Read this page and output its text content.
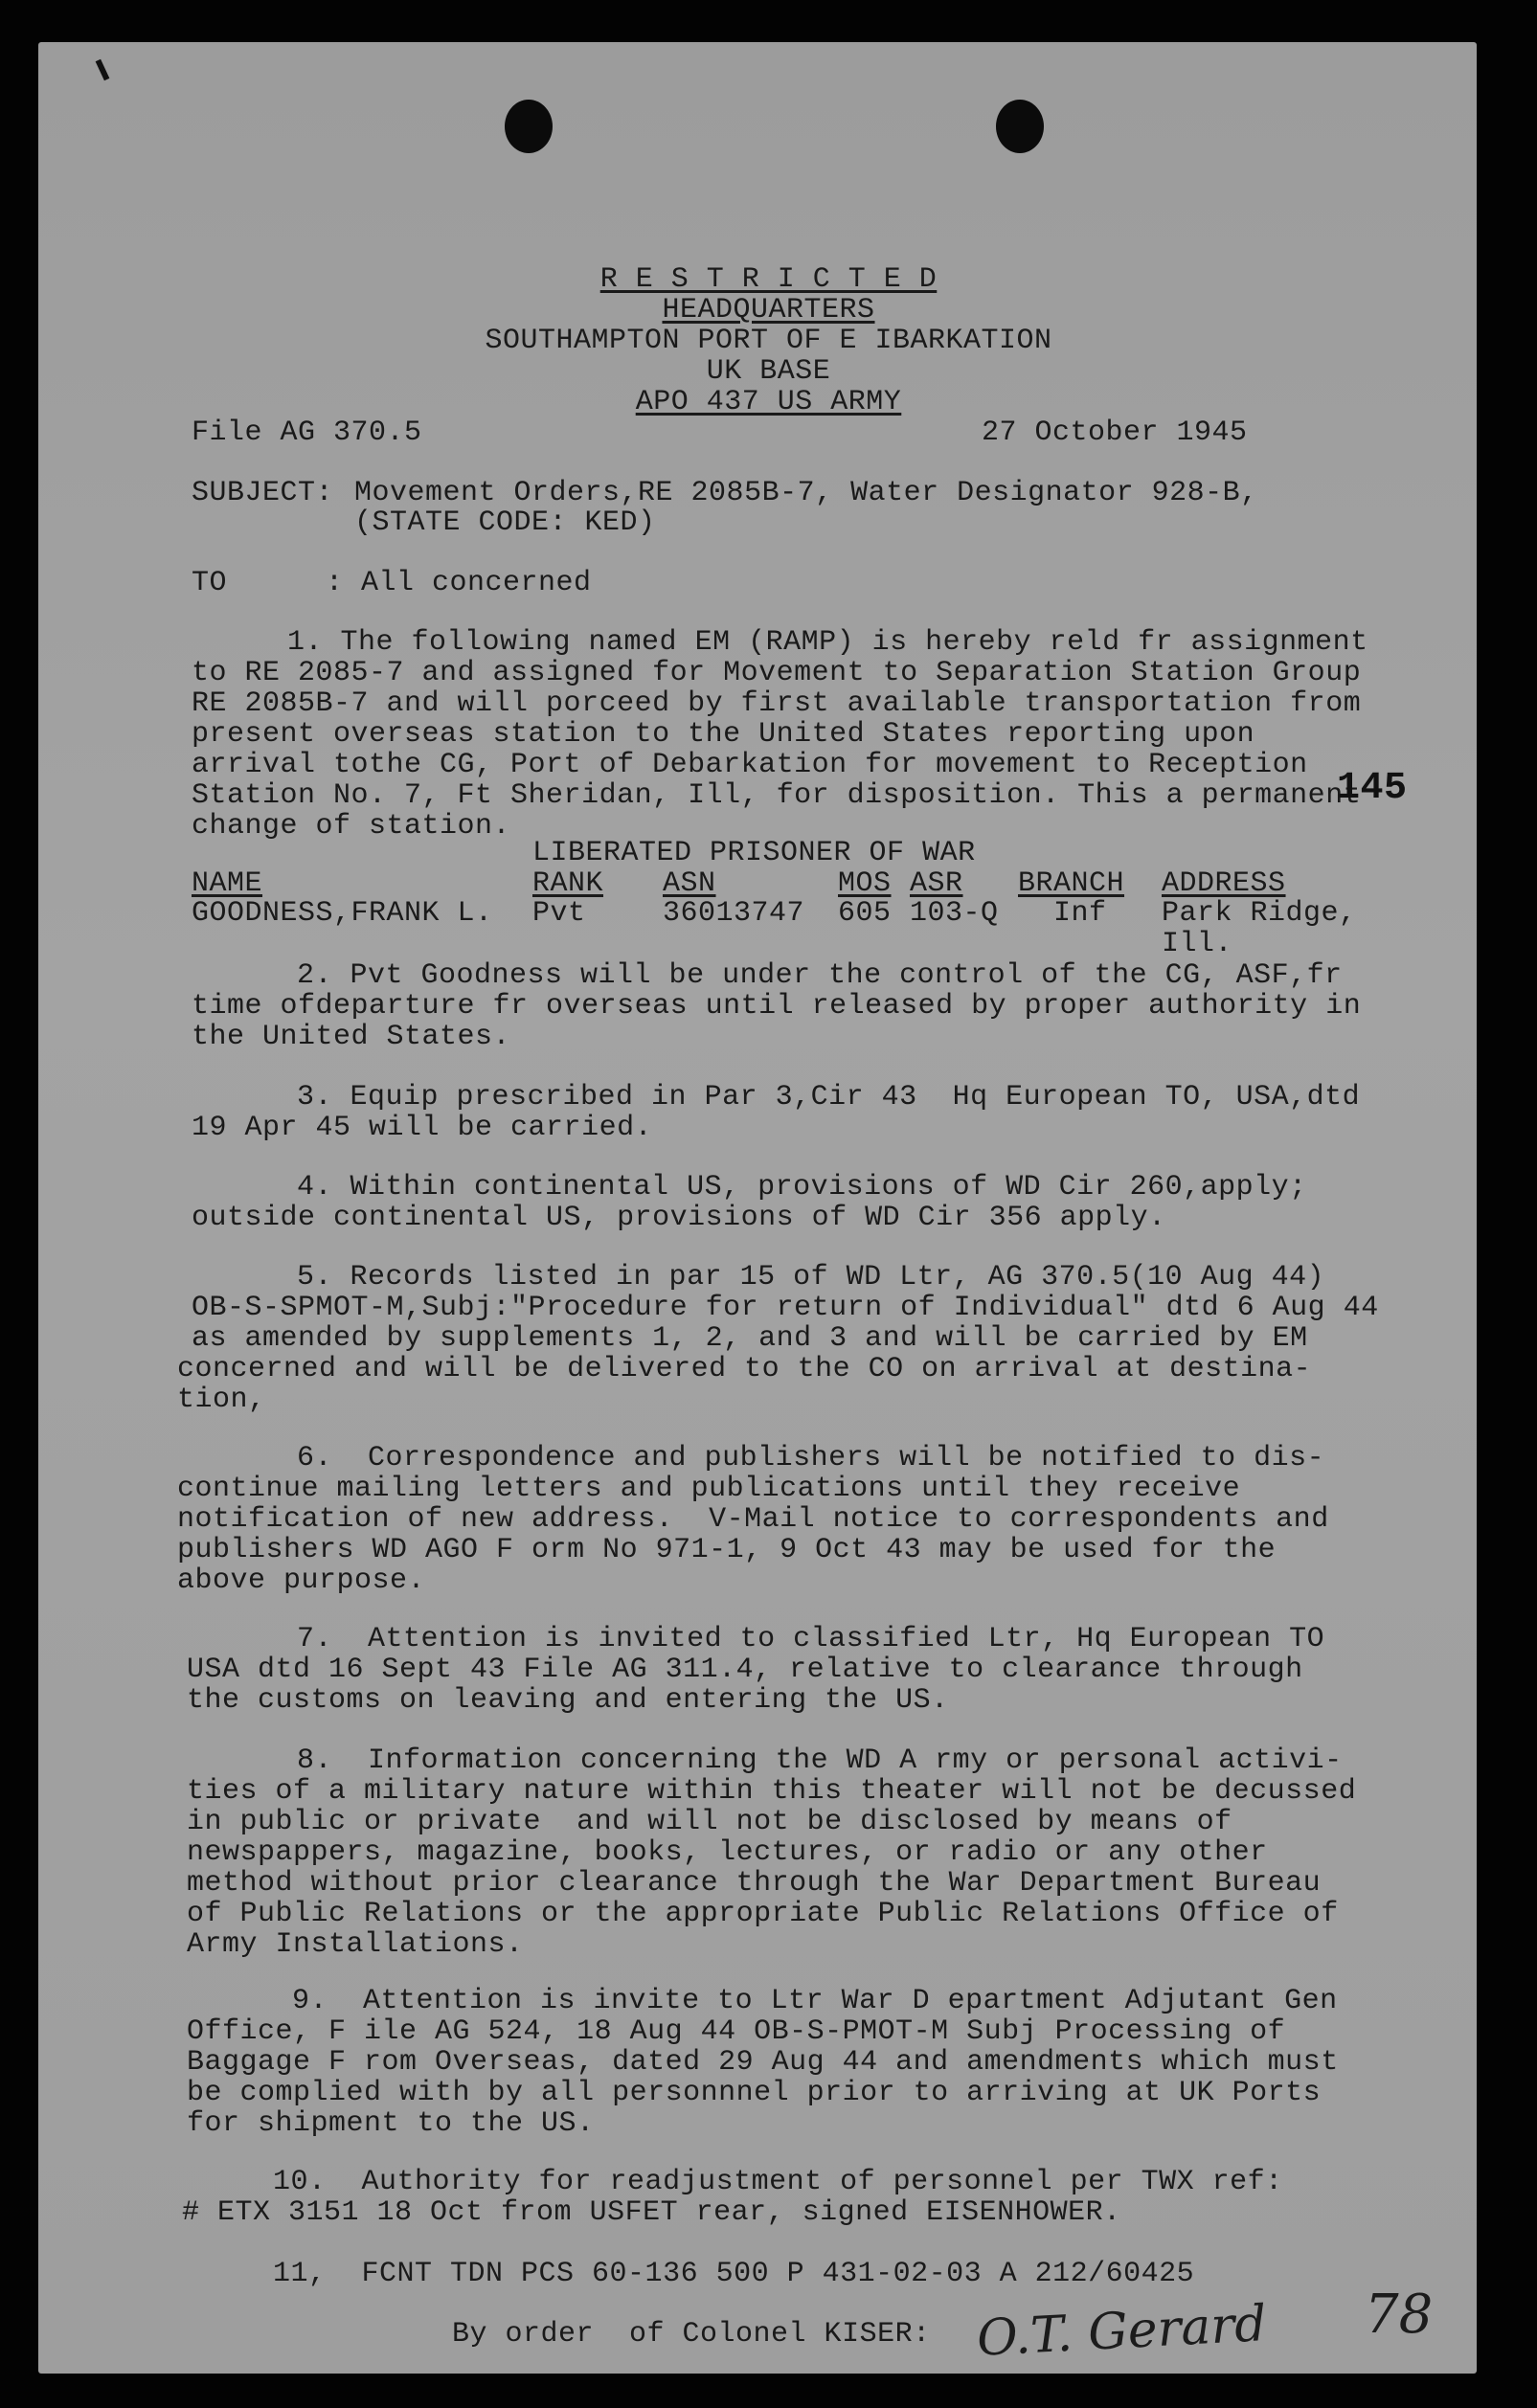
R E S T R I C T E D
HEADQUARTERS
SOUTHAMPTON PORT OF E IBARKATION
UK BASE
APO 437 US ARMY
File AG 370.5	27 October 1945
SUBJECT: Movement Orders,RE 2085B-7, Water Designator 928-B,
(STATE CODE: KED)
TO	: All concerned
1. The following named EM (RAMP) is hereby reld fr assignment
to RE 2085-7 and assigned for Movement to Separation Station Group
RE 2085B-7 and will porceed by first available transportation from
present overseas station to the United States reporting upon
arrival tothe CG, Port of Debarkation for movement to Reception
Station No. 7, Ft Sheridan, Ill, for disposition. This a permanent
change of station.
145
LIBERATED PRISONER OF WAR
NAME	RANK ASN	MOS ASR BRANCH ADDRESS
GOODNESS,FRANK L. Pvt	36013747 605 103-Q Inf Park Ridge,
Ill.
2. Pvt Goodness will be under the control of the CG, ASF,fr
time ofdeparture fr overseas until released by proper authority in
the United States.
3. Equip prescribed in Par 3,Cir 43  Hq European TO, USA,dtd
19 Apr 45 will be carried.
4. Within continental US, provisions of WD Cir 260,apply;
outside continental US, provisions of WD Cir 356 apply.
5. Records listed in par 15 of WD Ltr, AG 370.5(10 Aug 44)
OB-S-SPMOT-M,Subj:"Procedure for return of Individual" dtd 6 Aug 44
as amended by supplements 1, 2, and 3 and will be carried by EM
concerned and will be delivered to the CO on arrival at destina-
tion,
6.  Correspondence and publishers will be notified to dis-
continue mailing letters and publications until they receive
notification of new address.  V-Mail notice to correspondents and
publishers WD AGO F orm No 971-1, 9 Oct 43 may be used for the
above purpose.
7.  Attention is invited to classified Ltr, Hq European TO
USA dtd 16 Sept 43 File AG 311.4, relative to clearance through
the customs on leaving and entering the US.
8.  Information concerning the WD A rmy or personal activi-
ties of a military nature within this theater will not be decussed
in public or private  and will not be disclosed by means of
newspappers, magazine, books, lectures, or radio or any other
method without prior clearance through the War Department Bureau
of Public Relations or the appropriate Public Relations Office of
Army Installations.
9.  Attention is invite to Ltr War D epartment Adjutant Gen
Office, F ile AG 524, 18 Aug 44 OB-S-PMOT-M Subj Processing of
Baggage F rom Overseas, dated 29 Aug 44 and amendments which must
be complied with by all personnnel prior to arriving at UK Ports
for shipment to the US.
10.  Authority for readjustment of personnel per TWX ref:
# ETX 3151 18 Oct from USFET rear, signed EISENHOWER.
11,  FCNT TDN PCS 60-136 500 P 431-02-03 A 212/60425
By order  of Colonel KISER: O.T. Gerard 78
